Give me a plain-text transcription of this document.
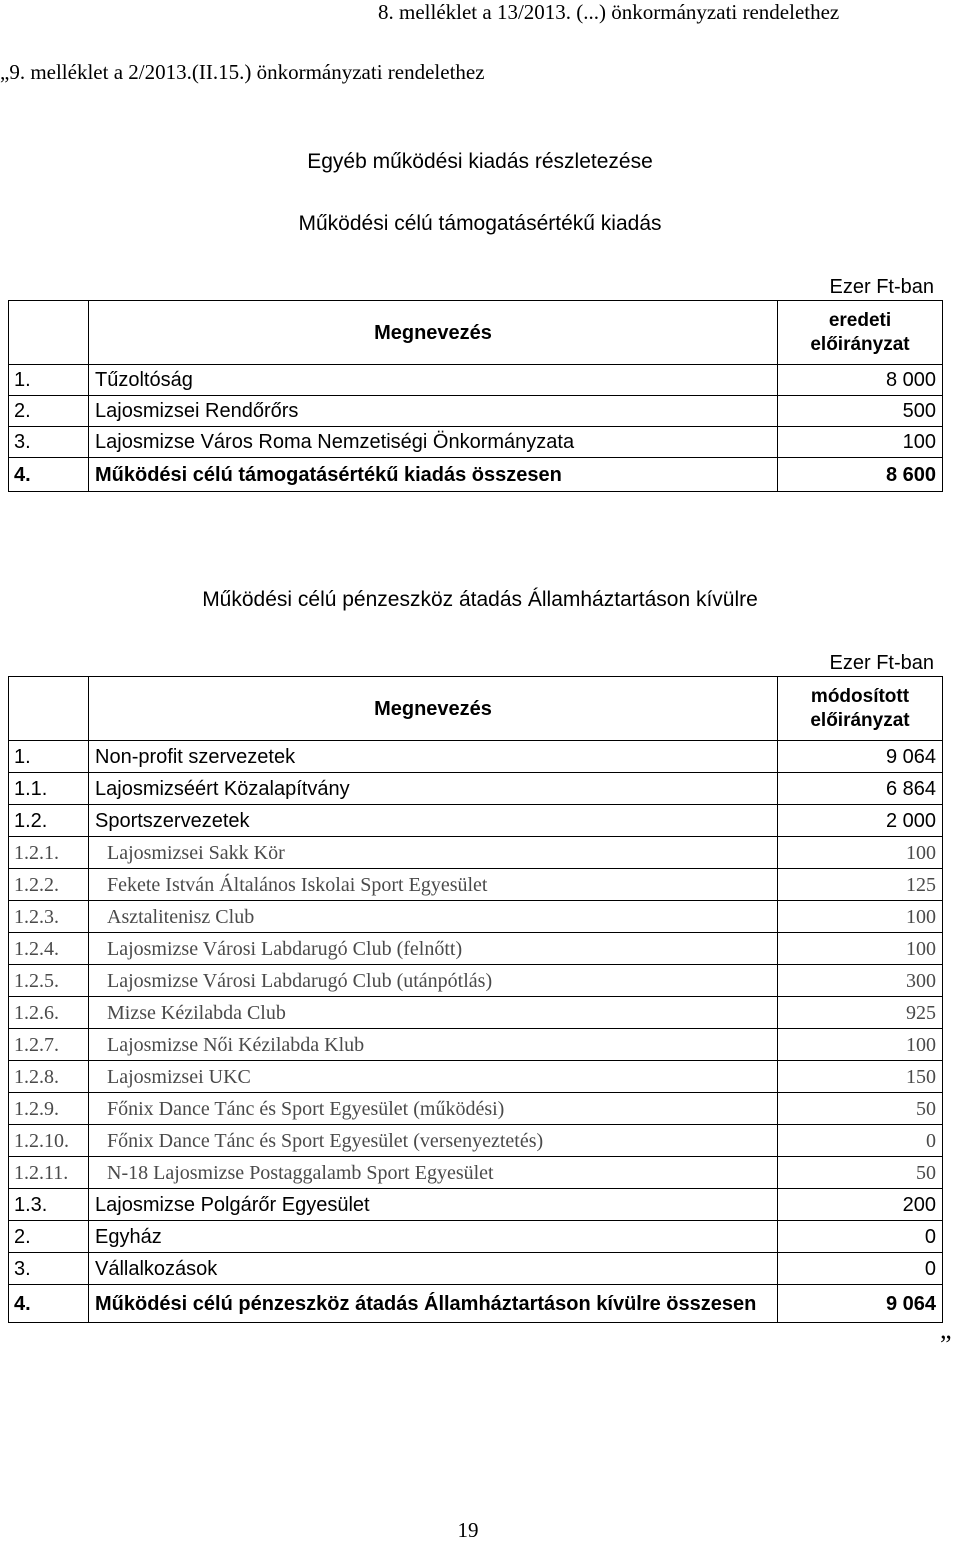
8. melléklet a 13/2013. (...) önkormányzati rendelethez
„9. melléklet a 2/2013.(II.15.) önkormányzati rendelethez
Egyéb működési kiadás részletezése
Működési célú támogatásértékű kiadás
Ezer Ft-ban
	Megnevezés	eredeti előirányzat
1.	Tűzoltóság	8 000
2.	Lajosmizsei Rendőrőrs	500
3.	Lajosmizse Város Roma Nemzetiségi Önkormányzata	100
4.	Működési célú támogatásértékű kiadás összesen	8 600
Működési célú pénzeszköz átadás Államháztartáson kívülre
Ezer Ft-ban
	Megnevezés	módosított előirányzat
1.	Non-profit szervezetek	9 064
1.1.	Lajosmizséért Közalapítvány	6 864
1.2.	Sportszervezetek	2 000
1.2.1.	Lajosmizsei Sakk Kör	100
1.2.2.	Fekete István Általános Iskolai Sport Egyesület	125
1.2.3.	Asztalitenisz Club	100
1.2.4.	Lajosmizse Városi Labdarugó Club (felnőtt)	100
1.2.5.	Lajosmizse Városi Labdarugó Club (utánpótlás)	300
1.2.6.	Mizse Kézilabda Club	925
1.2.7.	Lajosmizse Női Kézilabda Klub	100
1.2.8.	Lajosmizsei UKC	150
1.2.9.	Főnix Dance Tánc és Sport Egyesület (működési)	50
1.2.10.	Főnix Dance Tánc és Sport Egyesület (versenyeztetés)	0
1.2.11.	N-18 Lajosmizse Postaggalamb Sport Egyesület	50
1.3.	Lajosmizse Polgárőr Egyesület	200
2.	Egyház	0
3.	Vállalkozások	0
4.	Működési célú pénzeszköz átadás Államháztartáson kívülre összesen	9 064
”
19
